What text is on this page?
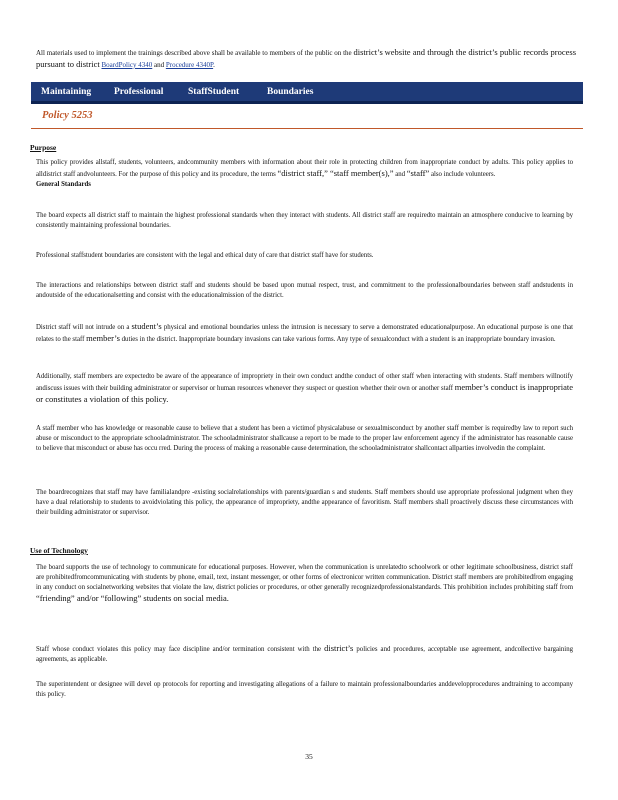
All materials used to implement the trainings described above shall be available to members of the public on the district’s website and through the district’s public records process pursuant to district BoardPolicy 4340 and Procedure 4340P.
Maintaining Professional	StaffStudent	Boundaries
Policy 5253
Purpose
This policy provides allstaff, students, volunteers, andcommunity members with information about their role in protecting children from inappropriate conduct by adults. This policy applies to alldistrict staff andvolunteers. For the purpose of this policy and its procedure, the terms “district staff,” “staff member(s),” and “staff” also include volunteers.
General Standards
The board expects all district staff to maintain the highest professional standards when they interact with students. All district staff are requiredto maintain an atmosphere conducive to learning by consistently maintaining professional boundaries.
Professional staffstudent boundaries are consistent with the legal and ethical duty of care that district staff have for students.
The interactions and relationships between district staff and students should be based upon mutual respect, trust, and commitment to the professionalboundaries between staff andstudents in andoutside of the educationalsetting and consist with the educationalmission of the district.
District staff will not intrude on a student’s physical and emotional boundaries unless the intrusion is necessary to serve a demonstrated educationalpurpose. An educational purpose is one that relates to the staff member’s duties in the district. Inappropriate boundary invasions can take various forms. Any type of sexualconduct with a student is an inappropriate boundary invasion.
Additionally, staff members are expectedto be aware of the appearance of impropriety in their own conduct andthe conduct of other staff when interacting with students. Staff members willnotify andiscuss issues with their building administrator or supervisor or human resources whenever they suspect or question whether their own or another staff member’s conduct is inappropriate or constitutes a violation of this policy.
A staff member who has knowledge or reasonable cause to believe that a student has been a victimof physicalabuse or sexualmisconduct by another staff member is requiredby law to report such abuse or misconduct to the appropriate schooladministrator. The schooladministrator shallcause a report to be made to the proper law enforcement agency if the administrator has reasonable cause to believe that misconduct or abuse has occu rred. During the process of making a reasonable cause determination, the schooladministrator shallcontact allparties involvedin the complaint.
The boardrecognizes that staff may have familialandpre -existing socialrelationships with parents/guardian s and students. Staff members should use appropriate professional judgment when they have a dual relationship to students to avoidviolating this policy, the appearance of impropriety, andthe appearance of favoritism. Staff members shall proactively discuss these circumstances with their building administrator or supervisor.
Use of Technology
The board supports the use of technology to communicate for educational purposes. However, when the communication is unrelatedto schoolwork or other legitimate schoolbusiness, district staff are prohibitedfromcommunicating with students by phone, email, text, instant messenger, or other forms of electronicor written communication. District staff members are prohibitedfrom engaging in any conduct on socialnetworking websites that violate the law, district policies or procedures, or other generally recognizedprofessionalstandards. This prohibition includes prohibiting staff from “friending” and/or “following” students on social media.
Staff whose conduct violates this policy may face discipline and/or termination consistent with the district’s policies and procedures, acceptable use agreement, andcollective bargaining agreements, as applicable.
The superintendent or designee will devel op protocols for reporting and investigating allegations of a failure to maintain professionalboundaries anddevelopprocedures andtraining to accompany this policy.
35
